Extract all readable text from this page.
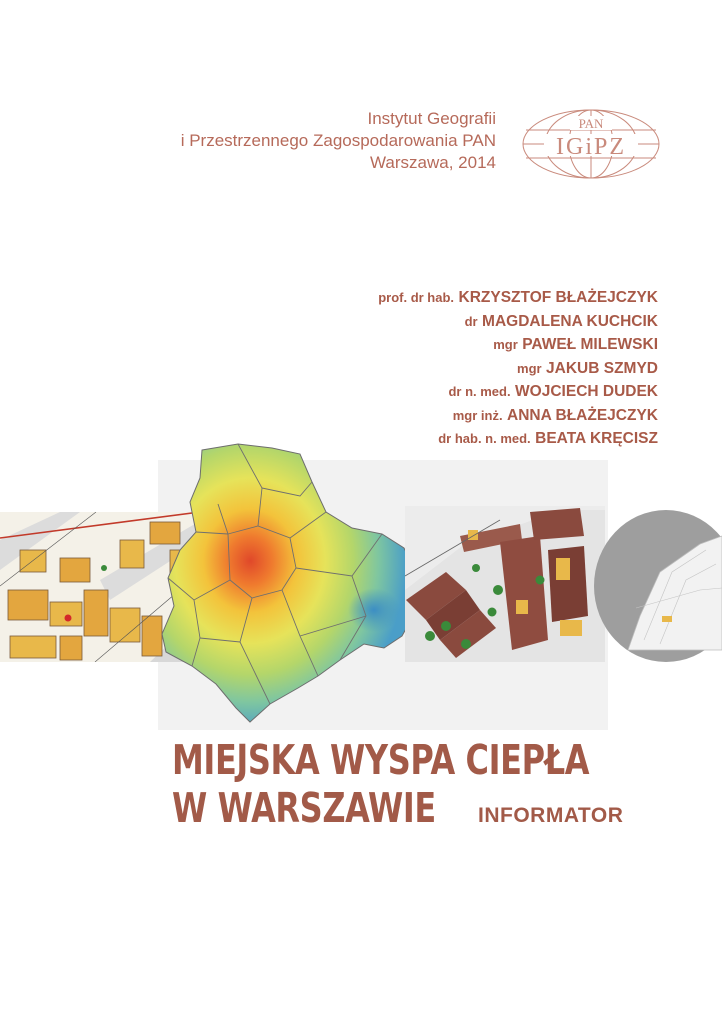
Instytut Geografii
i Przestrzennego Zagospodarowania PAN
Warszawa, 2014
PAN
IGiPZ
prof. dr hab. KRZYSZTOF BŁAŻEJCZYK
dr MAGDALENA KUCHCIK
mgr PAWEŁ MILEWSKI
mgr JAKUB SZMYD
dr n. med. WOJCIECH DUDEK
mgr inż. ANNA BŁAŻEJCZYK
dr hab. n. med. BEATA KRĘCISZ
MIEJSKA WYSPA CIEPŁA
W WARSZAWIE	INFORMATOR
